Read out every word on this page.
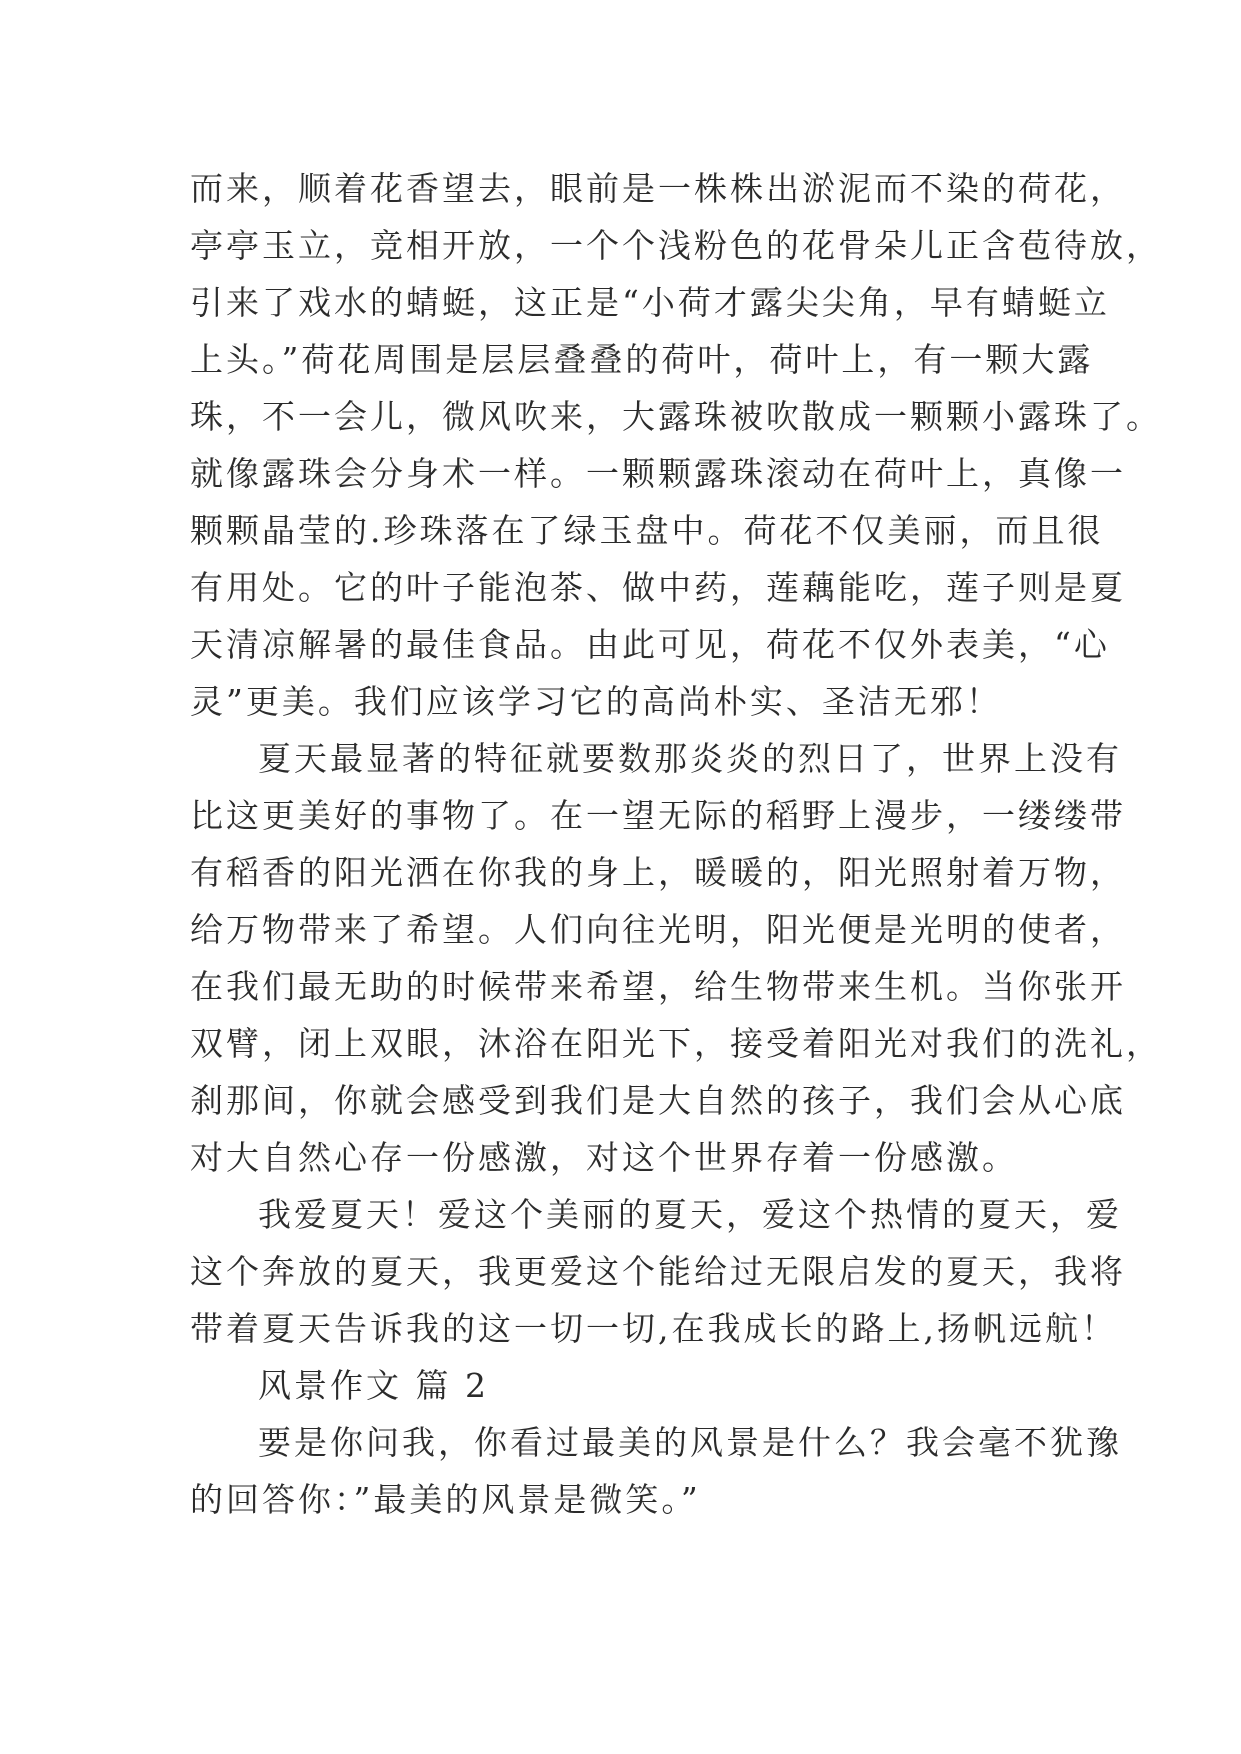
而来，顺着花香望去，眼前是一株株出淤泥而不染的荷花，
亭亭玉立，竞相开放，一个个浅粉色的花骨朵儿正含苞待放，
引来了戏水的蜻蜓，这正是“小荷才露尖尖角，早有蜻蜓立
上头。”荷花周围是层层叠叠的荷叶，荷叶上，有一颗大露
珠，不一会儿，微风吹来，大露珠被吹散成一颗颗小露珠了。
就像露珠会分身术一样。一颗颗露珠滚动在荷叶上，真像一
颗颗晶莹的.珍珠落在了绿玉盘中。荷花不仅美丽，而且很
有用处。它的叶子能泡茶、做中药，莲藕能吃，莲子则是夏
天清凉解暑的最佳食品。由此可见，荷花不仅外表美，“心
灵”更美。我们应该学习它的高尚朴实、圣洁无邪！
夏天最显著的特征就要数那炎炎的烈日了，世界上没有
比这更美好的事物了。在一望无际的稻野上漫步，一缕缕带
有稻香的阳光洒在你我的身上，暖暖的，阳光照射着万物，
给万物带来了希望。人们向往光明，阳光便是光明的使者，
在我们最无助的时候带来希望，给生物带来生机。当你张开
双臂，闭上双眼，沐浴在阳光下，接受着阳光对我们的洗礼，
刹那间，你就会感受到我们是大自然的孩子，我们会从心底
对大自然心存一份感激，对这个世界存着一份感激。
我爱夏天！爱这个美丽的夏天，爱这个热情的夏天，爱
这个奔放的夏天，我更爱这个能给过无限启发的夏天，我将
带着夏天告诉我的这一切一切,在我成长的路上,扬帆远航！
风景作文 篇 2
要是你问我，你看过最美的风景是什么？我会毫不犹豫
的回答你：”最美的风景是微笑。”
